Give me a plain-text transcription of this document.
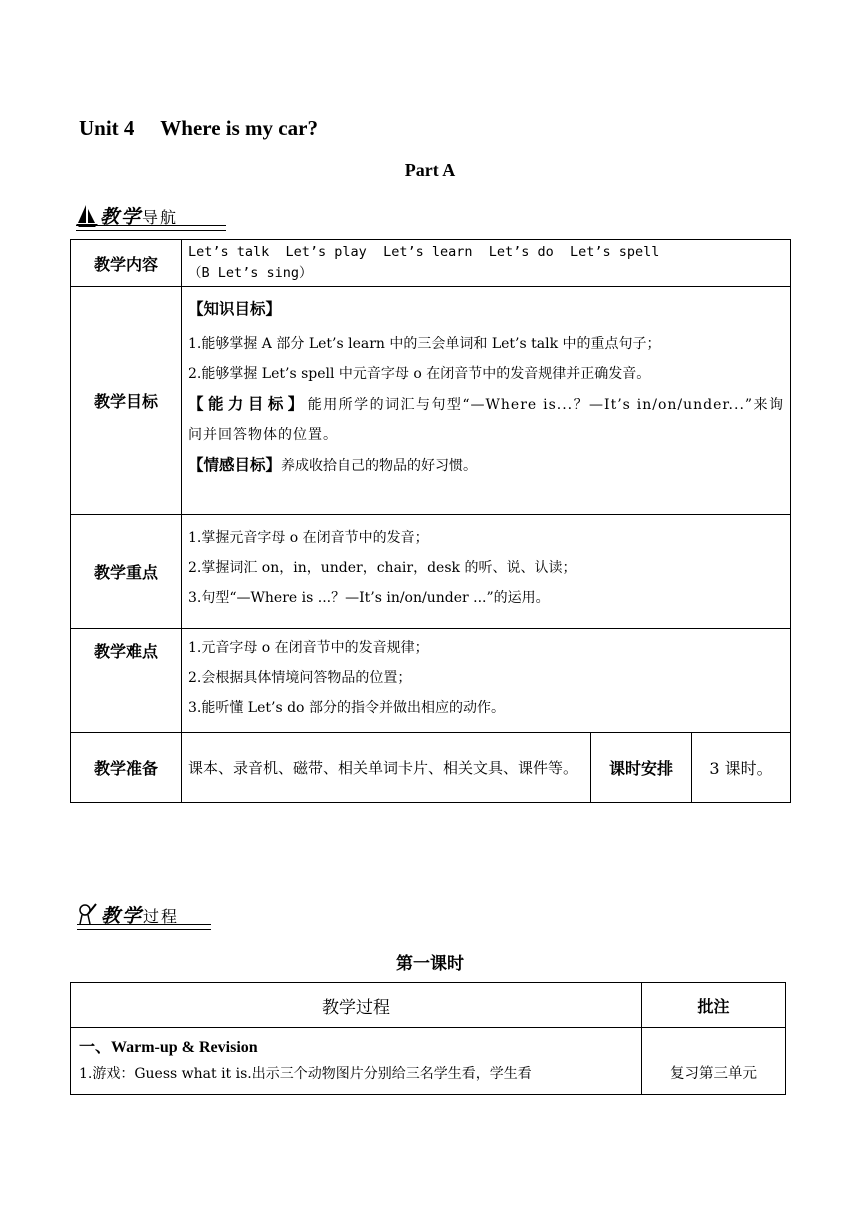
Unit 4     Where is my car?
Part A
教学导航
教学内容	Let’s talk  Let’s play  Let’s learn  Let’s do  Let’s spell
（B Let’s sing）		

教学目标	【知识目标】

1.能够掌握 A 部分 Let’s learn 中的三会单词和 Let’s talk 中的重点句子；

2.能够掌握 Let’s spell 中元音字母 o 在闭音节中的发音规律并正确发音。

【能力目标】能用所学的词汇与句型“—Where is...？—It’s in/on/under...”来询问并回答物体的位置。

【情感目标】养成收拾自己的物品的好习惯。		

教学重点	1.掌握元音字母 o 在闭音节中的发音；

2.掌握词汇 on，in，under，chair，desk 的听、说、认读；

3.句型“—Where is ...？—It’s in/on/under ...”的运用。		

教学难点	1.元音字母 o 在闭音节中的发音规律；

2.会根据具体情境问答物品的位置；

3.能听懂 Let’s do 部分的指令并做出相应的动作。		

教学准备	课本、录音机、磁带、相关单词卡片、相关文具、课件等。	课时安排	3 课时。
教学过程
第一课时
教学过程	批注

一、Warm-up & Revision
1.游戏：Guess what it is.出示三个动物图片分别给三名学生看，学生看	复习第三单元
